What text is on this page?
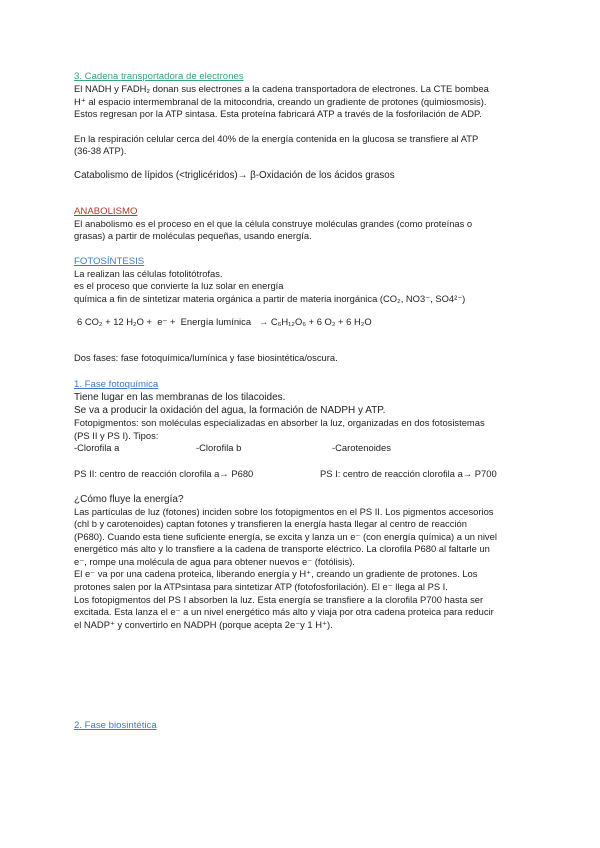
3. Cadena transportadora de electrones

El NADH y FADH₂ donan sus electrones a la cadena transportadora de electrones. La CTE bombea

H⁺ al espacio intermembranal de la mitocondria, creando un gradiente de protones (quimiosmosis).

Estos regresan por la ATP sintasa. Esta proteína fabricará ATP a través de la fosforilación de ADP.

En la respiración celular cerca del 40% de la energía contenida en la glucosa se transfiere al ATP

(36-38 ATP).

Catabolismo de lípidos (<triglicéridos)→ β-Oxidación de los ácidos grasos

ANABOLISMO

El anabolismo es el proceso en el que la célula construye moléculas grandes (como proteínas o

grasas) a partir de moléculas pequeñas, usando energía.

FOTOSÍNTESIS

La realizan las células fotolitótrofas.

es el proceso que convierte la luz solar en energía

química a fin de sintetizar materia orgánica a partir de materia inorgánica (CO₂, NO3⁻, SO4²⁻)

6 CO₂ + 12 H₂O +  e⁻ +  Energía lumínica   → C₆H₁₂O₆ + 6 O₂ + 6 H₂O

Dos fases: fase fotoquímica/lumínica y fase biosintética/oscura.

1. Fase fotoquímica

Tiene lugar en las membranas de los tilacoides.

Se va a producir la oxidación del agua, la formación de NADPH y ATP.

Fotopigmentos: son moléculas especializadas en absorber la luz, organizadas en dos fotosistemas

(PS II y PS I). Tipos:

-Clorofila a	-Clorofila b	-Carotenoides
PS II: centro de reacción clorofila a→ P680	PS I: centro de reacción clorofila a→ P700

¿Cómo fluye la energía?

Las partículas de luz (fotones) inciden sobre los fotopigmentos en el PS II. Los pigmentos accesorios

(chl b y carotenoides) captan fotones y transfieren la energía hasta llegar al centro de reacción

(P680). Cuando esta tiene suficiente energía, se excita y lanza un e⁻ (con energía química) a un nivel

energético más alto y lo transfiere a la cadena de transporte eléctrico. La clorofila P680 al faltarle un

e⁻, rompe una molécula de agua para obtener nuevos e⁻ (fotólisis).

El e⁻ va por una cadena proteica, liberando energía y H⁺, creando un gradiente de protones. Los

protones salen por la ATPsintasa para sintetizar ATP (fotofosforilación). El e⁻ llega al PS I.

Los fotopigmentos del PS I absorben la luz. Esta energía se transfiere a la clorofila P700 hasta ser

excitada. Esta lanza el e⁻ a un nivel energético más alto y viaja por otra cadena proteica para reducir

el NADP⁺ y convertirlo en NADPH (porque acepta 2e⁻y 1 H⁺).

2. Fase biosintética
